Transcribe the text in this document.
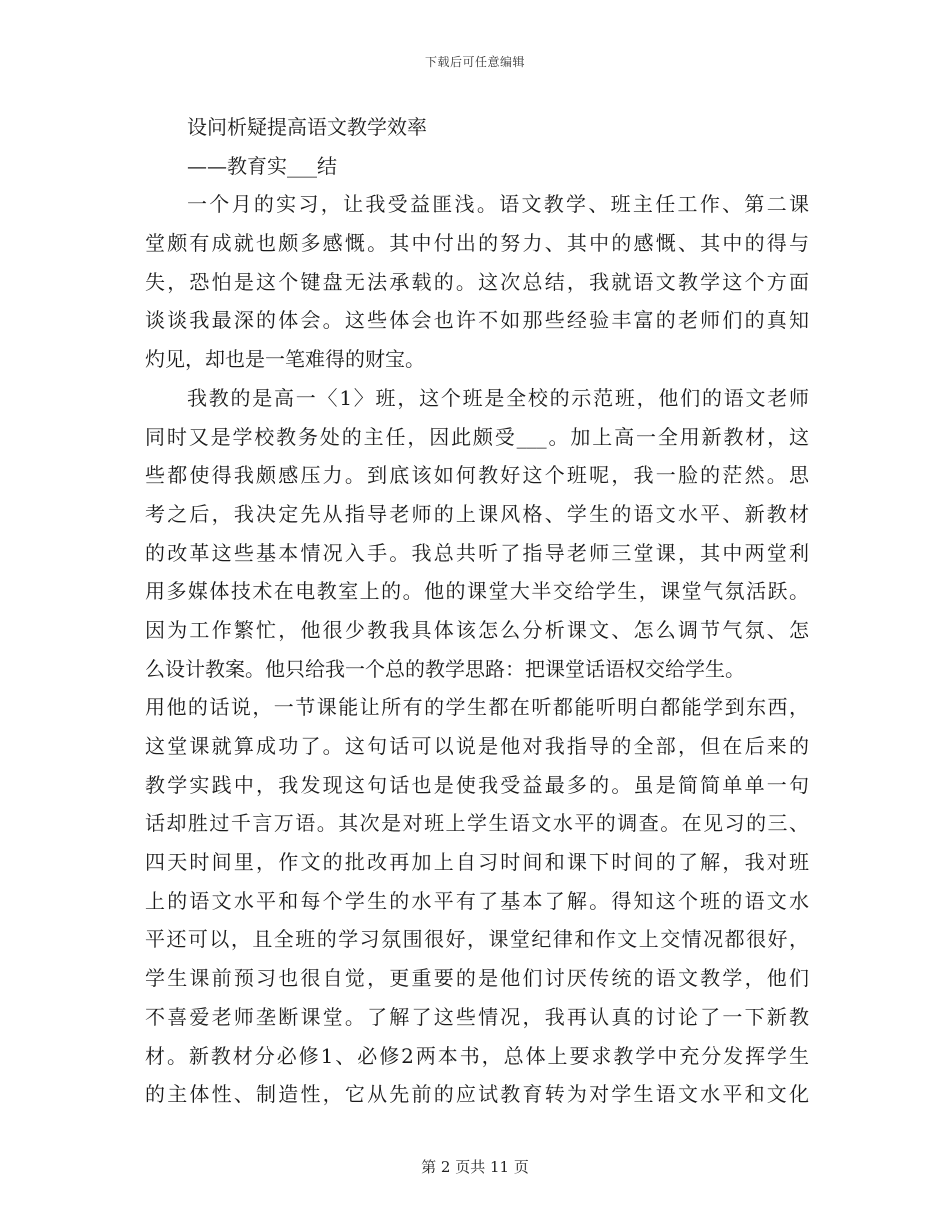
下载后可任意编辑
设问析疑提高语文教学效率
——教育实___结
一个月的实习，让我受益匪浅。语文教学、班主任工作、第二课
堂颇有成就也颇多感慨。其中付出的努力、其中的感慨、其中的得与
失，恐怕是这个键盘无法承载的。这次总结，我就语文教学这个方面
谈谈我最深的体会。这些体会也许不如那些经验丰富的老师们的真知
灼见，却也是一笔难得的财宝。
我教的是高一〈1〉班，这个班是全校的示范班，他们的语文老师
同时又是学校教务处的主任，因此颇受___。加上高一全用新教材，这
些都使得我颇感压力。到底该如何教好这个班呢，我一脸的茫然。思
考之后，我决定先从指导老师的上课风格、学生的语文水平、新教材
的改革这些基本情况入手。我总共听了指导老师三堂课，其中两堂利
用多媒体技术在电教室上的。他的课堂大半交给学生，课堂气氛活跃。
因为工作繁忙，他很少教我具体该怎么分析课文、怎么调节气氛、怎
么设计教案。他只给我一个总的教学思路：把课堂话语权交给学生。
用他的话说，一节课能让所有的学生都在听都能听明白都能学到东西，
这堂课就算成功了。这句话可以说是他对我指导的全部，但在后来的
教学实践中，我发现这句话也是使我受益最多的。虽是简简单单一句
话却胜过千言万语。其次是对班上学生语文水平的调查。在见习的三、
四天时间里，作文的批改再加上自习时间和课下时间的了解，我对班
上的语文水平和每个学生的水平有了基本了解。得知这个班的语文水
平还可以，且全班的学习氛围很好，课堂纪律和作文上交情况都很好，
学生课前预习也很自觉，更重要的是他们讨厌传统的语文教学，他们
不喜爱老师垄断课堂。了解了这些情况，我再认真的讨论了一下新教
材。新教材分必修1、必修2两本书，总体上要求教学中充分发挥学生
的主体性、制造性，它从先前的应试教育转为对学生语文水平和文化
第 2 页共 11 页
